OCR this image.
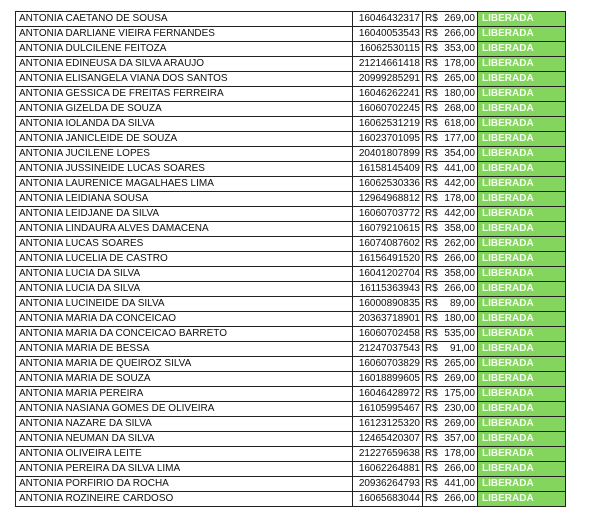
ANTONIA CAETANO DE SOUSA	16046432317	R$	269,00	LIBERADA
ANTONIA DARLIANE VIEIRA FERNANDES	16040053543	R$	266,00	LIBERADA
ANTONIA DULCILENE FEITOZA	16062530115	R$	353,00	LIBERADA
ANTONIA EDINEUSA DA SILVA ARAUJO	21214661418	R$	178,00	LIBERADA
ANTONIA ELISANGELA VIANA DOS SANTOS	20999285291	R$	265,00	LIBERADA
ANTONIA GESSICA DE FREITAS FERREIRA	16046262241	R$	180,00	LIBERADA
ANTONIA GIZELDA DE SOUZA	16060702245	R$	268,00	LIBERADA
ANTONIA IOLANDA DA SILVA	16062531219	R$	618,00	LIBERADA
ANTONIA JANICLEIDE DE SOUZA	16023701095	R$	177,00	LIBERADA
ANTONIA JUCILENE LOPES	20401807899	R$	354,00	LIBERADA
ANTONIA JUSSINEIDE LUCAS SOARES	16158145409	R$	441,00	LIBERADA
ANTONIA LAURENICE MAGALHAES LIMA	16062530336	R$	442,00	LIBERADA
ANTONIA LEIDIANA SOUSA	12964968812	R$	178,00	LIBERADA
ANTONIA LEIDJANE DA SILVA	16060703772	R$	442,00	LIBERADA
ANTONIA LINDAURA ALVES DAMACENA	16079210615	R$	358,00	LIBERADA
ANTONIA LUCAS SOARES	16074087602	R$	262,00	LIBERADA
ANTONIA LUCELIA DE CASTRO	16156491520	R$	266,00	LIBERADA
ANTONIA LUCIA DA SILVA	16041202704	R$	358,00	LIBERADA
ANTONIA LUCIA DA SILVA	16115363943	R$	266,00	LIBERADA
ANTONIA LUCINEIDE DA SILVA	16000890835	R$	89,00	LIBERADA
ANTONIA MARIA DA CONCEICAO	20363718901	R$	180,00	LIBERADA
ANTONIA MARIA DA CONCEICAO BARRETO	16060702458	R$	535,00	LIBERADA
ANTONIA MARIA DE BESSA	21247037543	R$	91,00	LIBERADA
ANTONIA MARIA DE QUEIROZ SILVA	16060703829	R$	265,00	LIBERADA
ANTONIA MARIA DE SOUZA	16018899605	R$	269,00	LIBERADA
ANTONIA MARIA PEREIRA	16046428972	R$	175,00	LIBERADA
ANTONIA NASIANA GOMES DE OLIVEIRA	16105995467	R$	230,00	LIBERADA
ANTONIA NAZARE DA SILVA	16123125320	R$	269,00	LIBERADA
ANTONIA NEUMAN DA SILVA	12465420307	R$	357,00	LIBERADA
ANTONIA OLIVEIRA LEITE	21227659638	R$	178,00	LIBERADA
ANTONIA PEREIRA DA SILVA LIMA	16062264881	R$	266,00	LIBERADA
ANTONIA PORFIRIO DA ROCHA	20936264793	R$	441,00	LIBERADA
ANTONIA ROZINEIRE CARDOSO	16065683044	R$	266,00	LIBERADA
